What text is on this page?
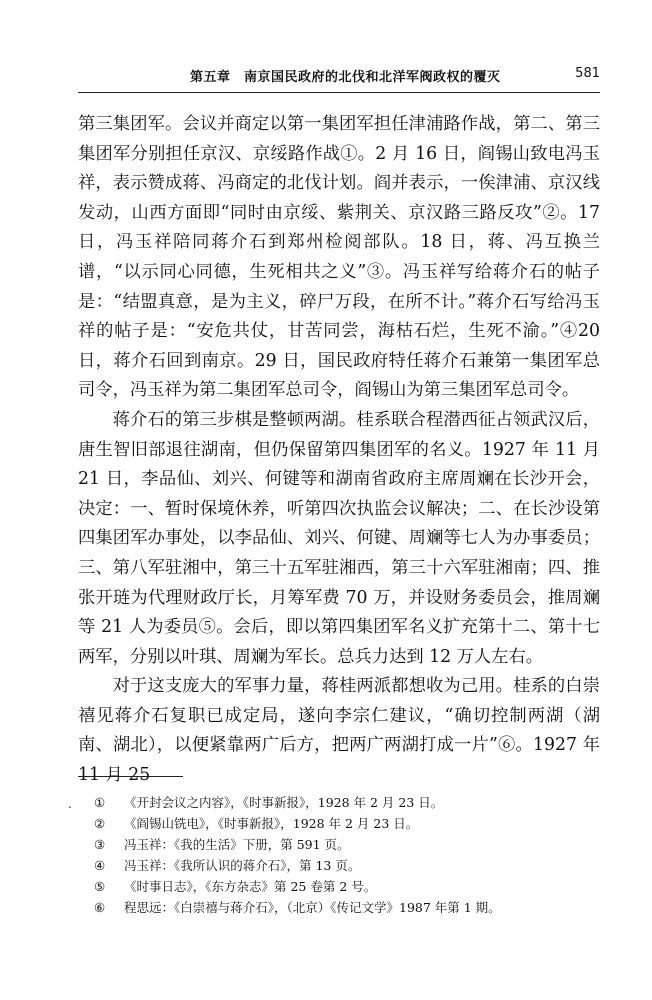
第五章　南京国民政府的北伐和北洋军阀政权的覆灭	581

第三集团军。会议并商定以第一集团军担任津浦路作战，第二、第三集团军分别担任京汉、京绥路作战①。2 月 16 日，阎锡山致电冯玉祥，表示赞成蒋、冯商定的北伐计划。阎并表示，一俟津浦、京汉线发动，山西方面即“同时由京绥、紫荆关、京汉路三路反攻”②。17 日，冯玉祥陪同蒋介石到郑州检阅部队。18 日，蒋、冯互换兰谱，“以示同心同德，生死相共之义”③。冯玉祥写给蒋介石的帖子是：“结盟真意，是为主义，碎尸万段，在所不计。”蒋介石写给冯玉祥的帖子是：“安危共仗，甘苦同尝，海枯石烂，生死不渝。”④20 日，蒋介石回到南京。29 日，国民政府特任蒋介石兼第一集团军总司令，冯玉祥为第二集团军总司令，阎锡山为第三集团军总司令。

蒋介石的第三步棋是整顿两湖。桂系联合程潜西征占领武汉后，唐生智旧部退往湖南，但仍保留第四集团军的名义。1927 年 11 月 21 日，李品仙、刘兴、何键等和湖南省政府主席周斓在长沙开会，决定：一、暂时保境休养，听第四次执监会议解决；二、在长沙设第四集团军办事处，以李品仙、刘兴、何键、周斓等七人为办事委员；三、第八军驻湘中，第三十五军驻湘西，第三十六军驻湘南；四、推张开琏为代理财政厅长，月筹军费 70 万，并设财务委员会，推周斓等 21 人为委员⑤。会后，即以第四集团军名义扩充第十二、第十七两军，分别以叶琪、周斓为军长。总兵力达到 12 万人左右。

对于这支庞大的军事力量，蒋桂两派都想收为己用。桂系的白崇禧见蒋介石复职已成定局，遂向李宗仁建议，“确切控制两湖（湖南、湖北），以便紧靠两广后方，把两广两湖打成一片”⑥。1927 年 11 月 25

. ①	《开封会议之内容》，《时事新报》，1928 年 2 月 23 日。
②	《阎锡山铣电》，《时事新报》，1928 年 2 月 23 日。
③	冯玉祥：《我的生活》下册，第 591 页。
④	冯玉祥：《我所认识的蒋介石》，第 13 页。
⑤	《时事日志》，《东方杂志》第 25 卷第 2 号。
⑥	程思远：《白崇禧与蒋介石》，（北京）《传记文学》1987 年第 1 期。
